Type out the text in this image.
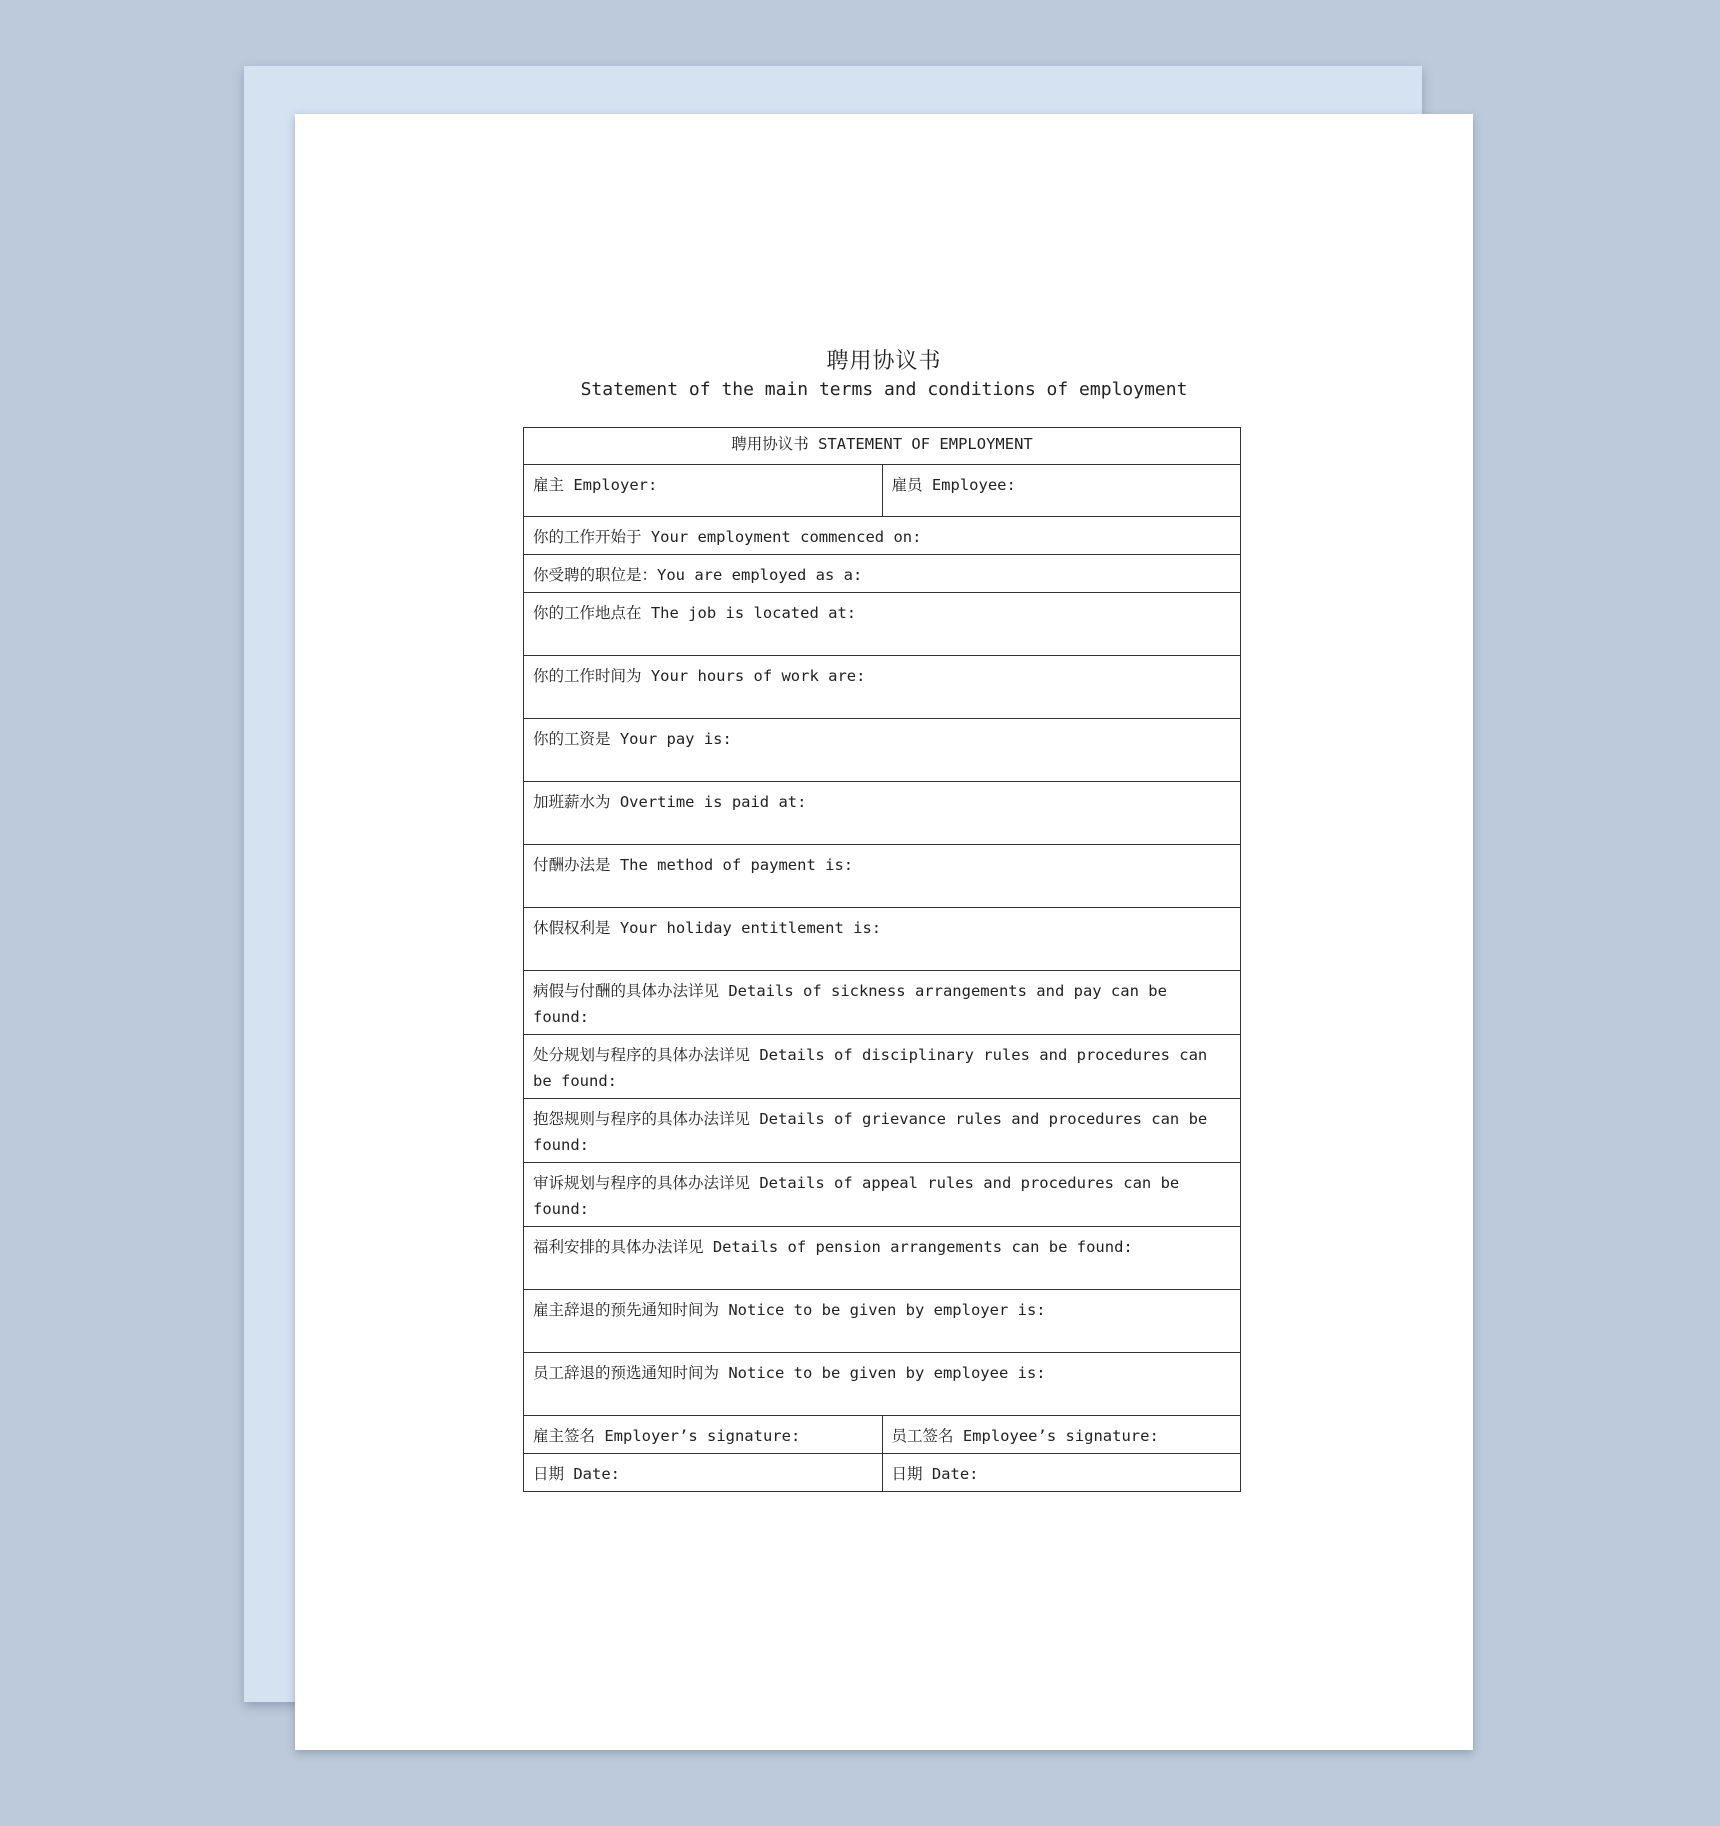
聘用协议书
Statement of the main terms and conditions of employment
聘用协议书 STATEMENT OF EMPLOYMENT	
雇主 Employer:	雇员 Employee:
你的工作开始于 Your employment commenced on:	
你受聘的职位是：You are employed as a:	
你的工作地点在 The job is located at:	
你的工作时间为 Your hours of work are:	
你的工资是 Your pay is:	
加班薪水为 Overtime is paid at:	
付酬办法是 The method of payment is:	
休假权利是 Your holiday entitlement is:	
病假与付酬的具体办法详见 Details of sickness arrangements and pay can be found:	
处分规划与程序的具体办法详见 Details of disciplinary rules and procedures can be found:	
抱怨规则与程序的具体办法详见 Details of grievance rules and procedures can be found:	
审诉规划与程序的具体办法详见 Details of appeal rules and procedures can be found:	
福利安排的具体办法详见 Details of pension arrangements can be found:	
雇主辞退的预先通知时间为 Notice to be given by employer is:	
员工辞退的预选通知时间为 Notice to be given by employee is:	
雇主签名 Employer’s signature:	员工签名 Employee’s signature:
日期 Date:	日期 Date:
